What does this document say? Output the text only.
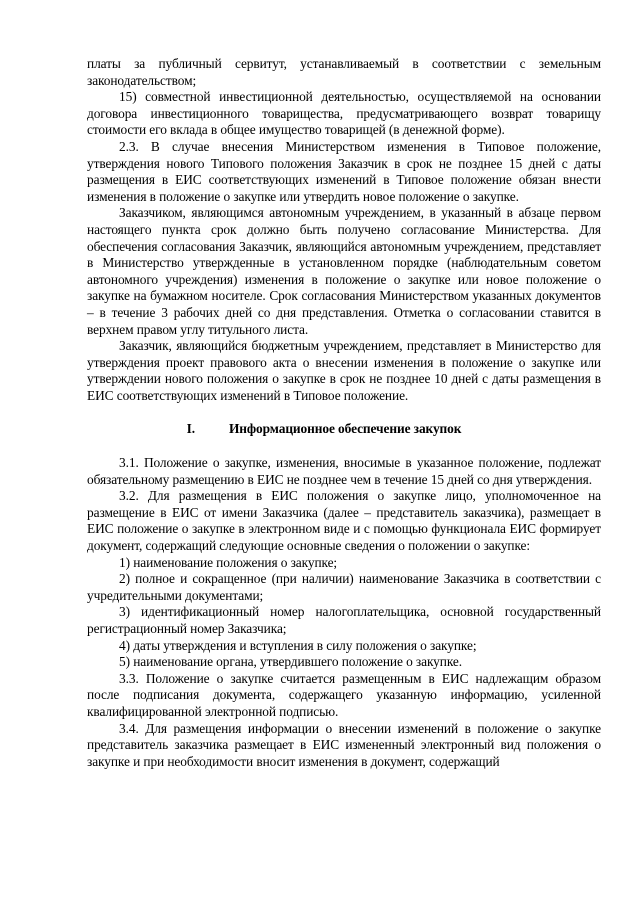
платы за публичный сервитут, устанавливаемый в соответствии с земельным законодательством;

15) совместной инвестиционной деятельностью, осуществляемой на основании договора инвестиционного товарищества, предусматривающего возврат товарищу стоимости его вклада в общее имущество товарищей (в денежной форме).

2.3. В случае внесения Министерством изменения в Типовое положение, утверждения нового Типового положения Заказчик в срок не позднее 15 дней с даты размещения в ЕИС соответствующих изменений в Типовое положение обязан внести изменения в положение о закупке или утвердить новое положение о закупке.

Заказчиком, являющимся автономным учреждением, в указанный в абзаце первом настоящего пункта срок должно быть получено согласование Министерства. Для обеспечения согласования Заказчик, являющийся автономным учреждением, представляет в Министерство утвержденные в установленном порядке (наблюдательным советом автономного учреждения) изменения в положение о закупке или новое положение о закупке на бумажном носителе. Срок согласования Министерством указанных документов – в течение 3 рабочих дней со дня представления. Отметка о согласовании ставится в верхнем правом углу титульного листа.

Заказчик, являющийся бюджетным учреждением, представляет в Министерство для утверждения проект правового акта о внесении изменения в положение о закупке или утверждении нового положения о закупке в срок не позднее 10 дней с даты размещения в ЕИС соответствующих изменений в Типовое положение.

I.	Информационное обеспечение закупок

3.1. Положение о закупке, изменения, вносимые в указанное положение, подлежат обязательному размещению в ЕИС не позднее чем в течение 15 дней со дня утверждения.

3.2. Для размещения в ЕИС положения о закупке лицо, уполномоченное на размещение в ЕИС от имени Заказчика (далее – представитель заказчика), размещает в ЕИС положение о закупке в электронном виде и с помощью функционала ЕИС формирует документ, содержащий следующие основные сведения о положении о закупке:

1) наименование положения о закупке;

2) полное и сокращенное (при наличии) наименование Заказчика в соответствии с учредительными документами;

3) идентификационный номер налогоплательщика, основной государственный регистрационный номер Заказчика;

4) даты утверждения и вступления в силу положения о закупке;

5) наименование органа, утвердившего положение о закупке.

3.3. Положение о закупке считается размещенным в ЕИС надлежащим образом после подписания документа, содержащего указанную информацию, усиленной квалифицированной электронной подписью.

3.4. Для размещения информации о внесении изменений в положение о закупке представитель заказчика размещает в ЕИС измененный электронный вид положения о закупке и при необходимости вносит изменения в документ, содержащий
